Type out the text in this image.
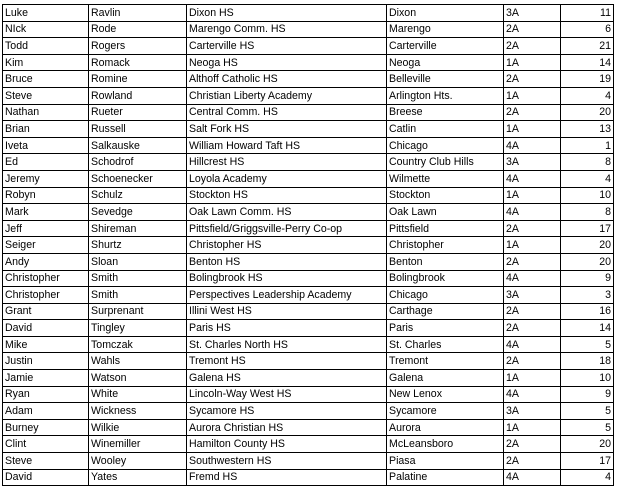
Luke	Ravlin	Dixon HS	Dixon	3A	11
NIck	Rode	Marengo Comm. HS	Marengo	2A	6
Todd	Rogers	Carterville HS	Carterville	2A	21
Kim	Romack	Neoga HS	Neoga	1A	14
Bruce	Romine	Althoff Catholic HS	Belleville	2A	19
Steve	Rowland	Christian Liberty Academy	Arlington Hts.	1A	4
Nathan	Rueter	Central Comm. HS	Breese	2A	20
Brian	Russell	Salt Fork HS	Catlin	1A	13
Iveta	Salkauske	William Howard Taft HS	Chicago	4A	1
Ed	Schodrof	Hillcrest HS	Country Club Hills	3A	8
Jeremy	Schoenecker	Loyola Academy	Wilmette	4A	4
Robyn	Schulz	Stockton HS	Stockton	1A	10
Mark	Sevedge	Oak Lawn Comm. HS	Oak Lawn	4A	8
Jeff	Shireman	Pittsfield/Griggsville-Perry Co-op	Pittsfield	2A	17
Seiger	Shurtz	Christopher HS	Christopher	1A	20
Andy	Sloan	Benton HS	Benton	2A	20
Christopher	Smith	Bolingbrook HS	Bolingbrook	4A	9
Christopher	Smith	Perspectives Leadership Academy	Chicago	3A	3
Grant	Surprenant	Illini West HS	Carthage	2A	16
David	Tingley	Paris HS	Paris	2A	14
Mike	Tomczak	St. Charles North HS	St. Charles	4A	5
Justin	Wahls	Tremont HS	Tremont	2A	18
Jamie	Watson	Galena HS	Galena	1A	10
Ryan	White	Lincoln-Way West HS	New Lenox	4A	9
Adam	Wickness	Sycamore HS	Sycamore	3A	5
Burney	Wilkie	Aurora Christian HS	Aurora	1A	5
Clint	Winemiller	Hamilton County HS	McLeansboro	2A	20
Steve	Wooley	Southwestern HS	Piasa	2A	17
David	Yates	Fremd HS	Palatine	4A	4
